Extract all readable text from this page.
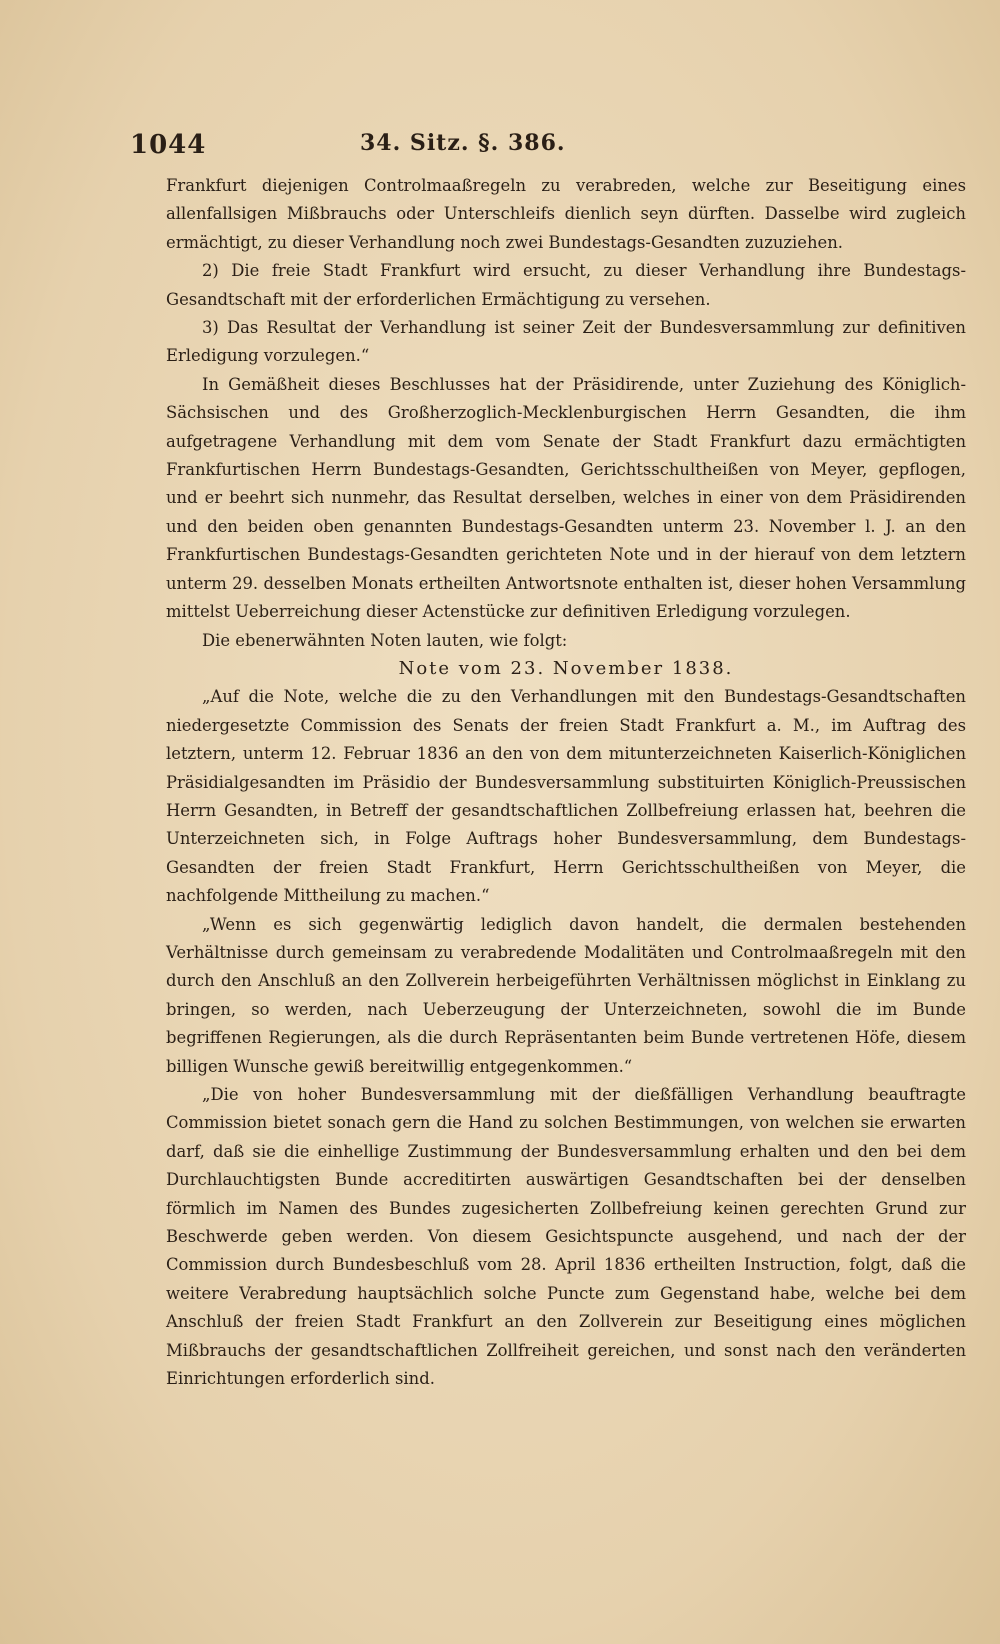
1044	34. Sitz. §. 386.

Frankfurt diejenigen Controlmaaßregeln zu verabreden, welche zur Beseitigung eines allenfallsigen Mißbrauchs oder Unterschleifs dienlich seyn dürften. Dasselbe wird zugleich ermächtigt, zu dieser Verhandlung noch zwei Bundestags-Gesandten zuzuziehen.

2) Die freie Stadt Frankfurt wird ersucht, zu dieser Verhandlung ihre Bundestags-Gesandtschaft mit der erforderlichen Ermächtigung zu versehen.

3) Das Resultat der Verhandlung ist seiner Zeit der Bundesversammlung zur definitiven Erledigung vorzulegen.“

In Gemäßheit dieses Beschlusses hat der Präsidirende, unter Zuziehung des Königlich-Sächsischen und des Großherzoglich-Mecklenburgischen Herrn Gesandten, die ihm aufgetragene Verhandlung mit dem vom Senate der Stadt Frankfurt dazu ermächtigten Frankfurtischen Herrn Bundestags-Gesandten, Gerichtsschultheißen von Meyer, gepflogen, und er beehrt sich nunmehr, das Resultat derselben, welches in einer von dem Präsidirenden und den beiden oben genannten Bundestags-Gesandten unterm 23. November l. J. an den Frankfurtischen Bundestags-Gesandten gerichteten Note und in der hierauf von dem letztern unterm 29. desselben Monats ertheilten Antwortsnote enthalten ist, dieser hohen Versammlung mittelst Ueberreichung dieser Actenstücke zur definitiven Erledigung vorzulegen.

Die ebenerwähnten Noten lauten, wie folgt:

Note vom 23. November 1838.

„Auf die Note, welche die zu den Verhandlungen mit den Bundestags-Gesandtschaften niedergesetzte Commission des Senats der freien Stadt Frankfurt a. M., im Auftrag des letztern, unterm 12. Februar 1836 an den von dem mitunterzeichneten Kaiserlich-Königlichen Präsidialgesandten im Präsidio der Bundesversammlung substituirten Königlich-Preussischen Herrn Gesandten, in Betreff der gesandtschaftlichen Zollbefreiung erlassen hat, beehren die Unterzeichneten sich, in Folge Auftrags hoher Bundesversammlung, dem Bundestags-Gesandten der freien Stadt Frankfurt, Herrn Gerichtsschultheißen von Meyer, die nachfolgende Mittheilung zu machen.“

„Wenn es sich gegenwärtig lediglich davon handelt, die dermalen bestehenden Verhältnisse durch gemeinsam zu verabredende Modalitäten und Controlmaaßregeln mit den durch den Anschluß an den Zollverein herbeigeführten Verhältnissen möglichst in Einklang zu bringen, so werden, nach Ueberzeugung der Unterzeichneten, sowohl die im Bunde begriffenen Regierungen, als die durch Repräsentanten beim Bunde vertretenen Höfe, diesem billigen Wunsche gewiß bereitwillig entgegenkommen.“

„Die von hoher Bundesversammlung mit der dießfälligen Verhandlung beauftragte Commission bietet sonach gern die Hand zu solchen Bestimmungen, von welchen sie erwarten darf, daß sie die einhellige Zustimmung der Bundesversammlung erhalten und den bei dem Durchlauchtigsten Bunde accreditirten auswärtigen Gesandtschaften bei der denselben förmlich im Namen des Bundes zugesicherten Zollbefreiung keinen gerechten Grund zur Beschwerde geben werden. Von diesem Gesichtspuncte ausgehend, und nach der der Commission durch Bundesbeschluß vom 28. April 1836 ertheilten Instruction, folgt, daß die weitere Verabredung hauptsächlich solche Puncte zum Gegenstand habe, welche bei dem Anschluß der freien Stadt Frankfurt an den Zollverein zur Beseitigung eines möglichen Mißbrauchs der gesandtschaftlichen Zollfreiheit gereichen, und sonst nach den veränderten Einrichtungen erforderlich sind.
